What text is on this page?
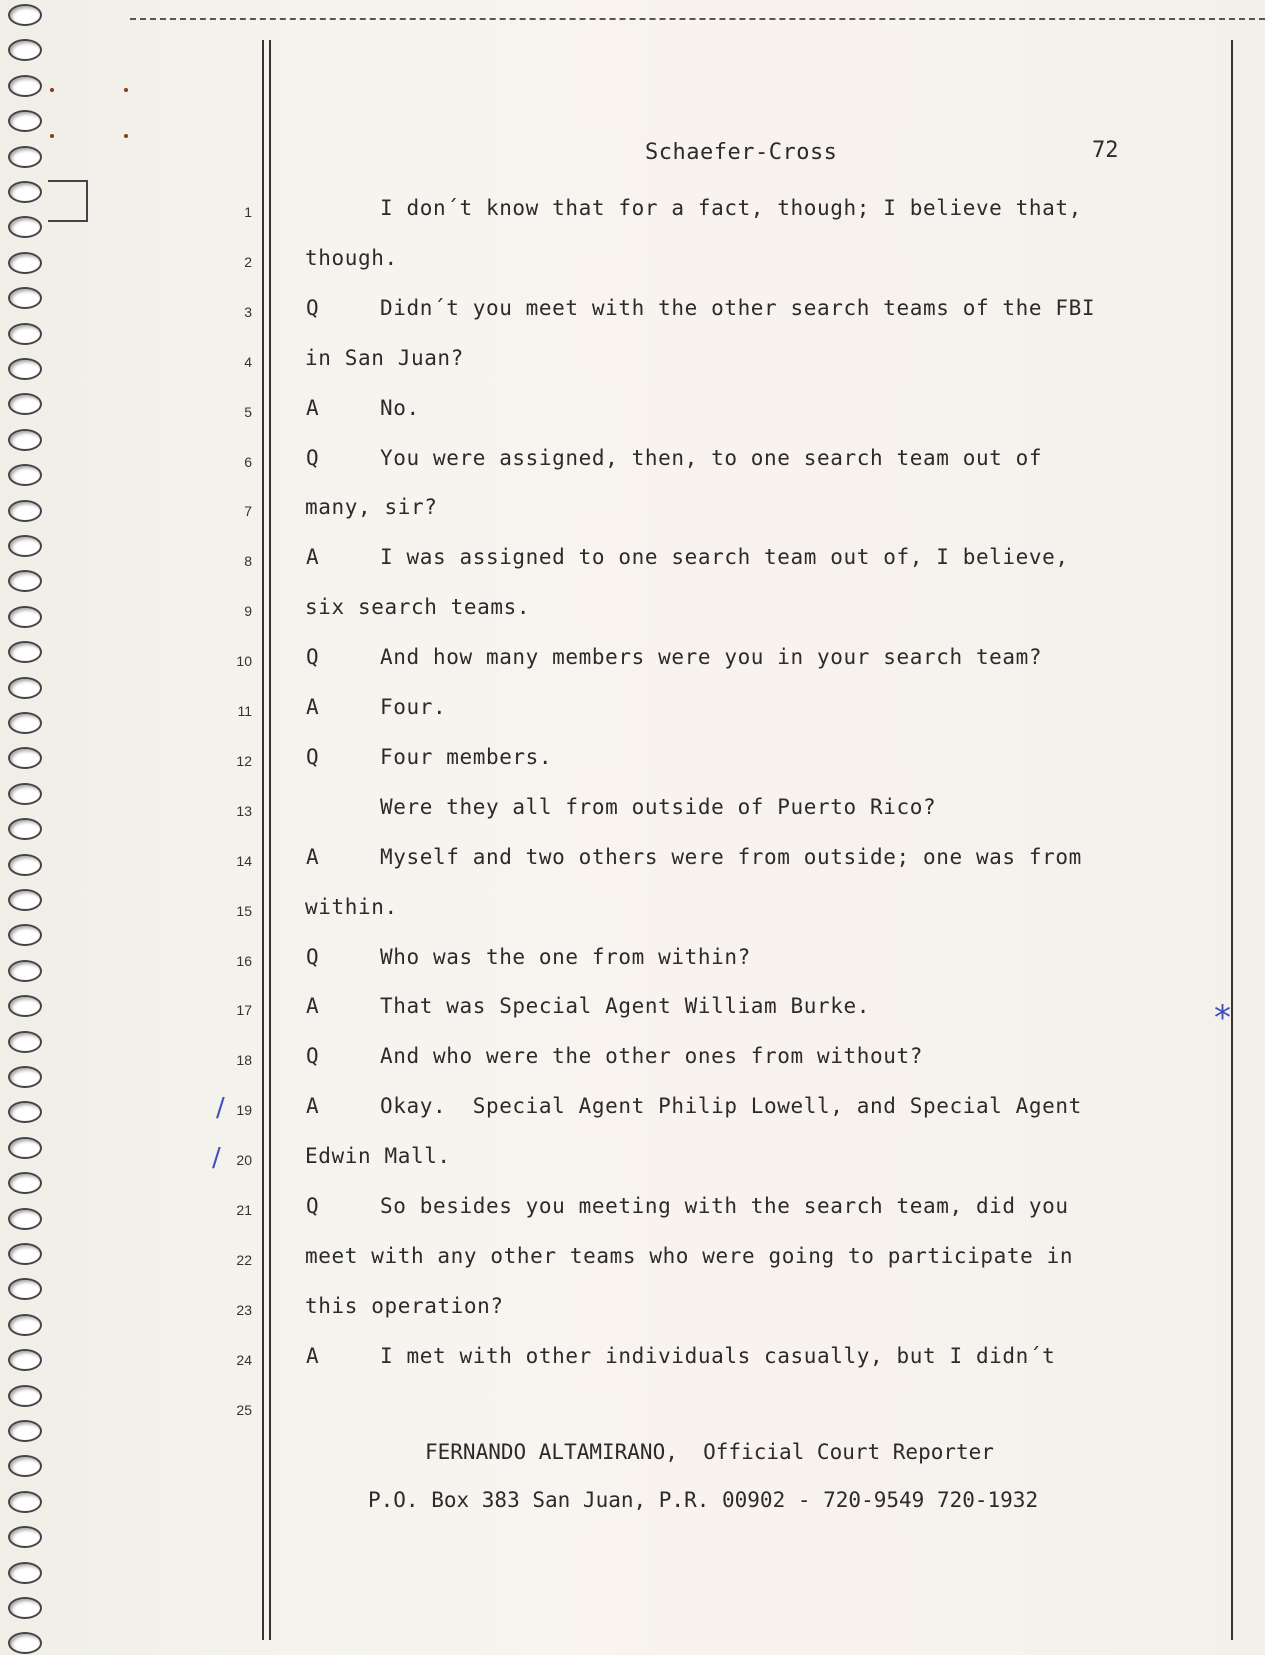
Schaefer-Cross	72
1	I don´t know that for a fact, though; I believe that,
2	though.
3	Q	Didn´t you meet with the other search teams of the FBI
4	in San Juan?
5	A	No.
6	Q	You were assigned, then, to one search team out of
7	many, sir?
8	A	I was assigned to one search team out of, I believe,
9	six search teams.
10	Q	And how many members were you in your search team?
11	A	Four.
12	Q	Four members.
13	Were they all from outside of Puerto Rico?
14	A	Myself and two others were from outside; one was from
15	within.
16	Q	Who was the one from within?
17	A	That was Special Agent William Burke.
18	Q	And who were the other ones from without?
19	A	Okay.  Special Agent Philip Lowell, and Special Agent
20	Edwin Mall.
21	Q	So besides you meeting with the search team, did you
22	meet with any other teams who were going to participate in
23	this operation?
24	A	I met with other individuals casually, but I didn´t
25
FERNANDO ALTAMIRANO,  Official Court Reporter
P.O. Box 383 San Juan, P.R. 00902 - 720-9549 720-1932
*
/
/
